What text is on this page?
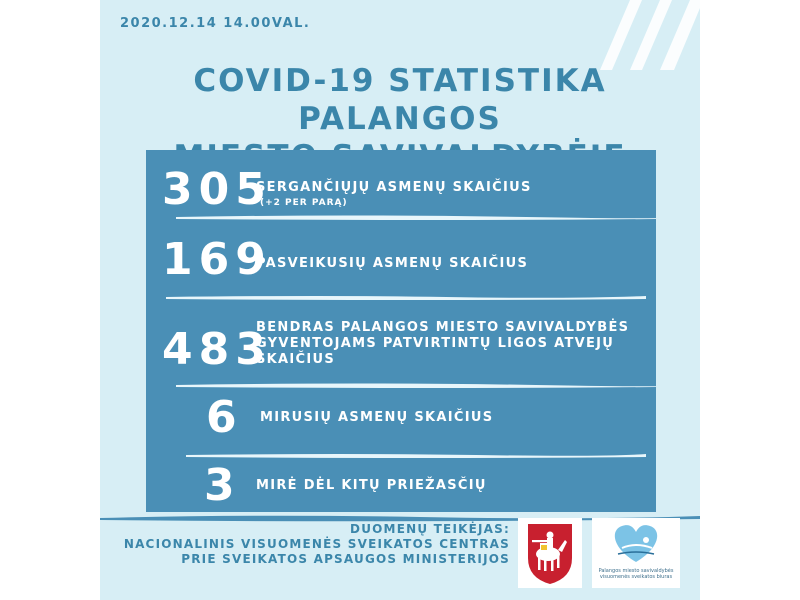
2020.12.14 14.00VAL.
COVID-19 STATISTIKA PALANGOS
305
SERGANČIŲJŲ ASMENŲ SKAIČIUS
(+2 PER PARĄ)
169
PASVEIKUSIŲ ASMENŲ SKAIČIUS
483
BENDRAS PALANGOS MIESTO SAVIVALDYBĖS
GYVENTOJAMS PATVIRTINTŲ LIGOS ATVEJŲ
SKAIČIUS
6 MIRUSIŲ ASMENŲ SKAIČIUS
3 MIRĖ DĖL KITŲ PRIEŽASČIŲ
DUOMENŲ TEIKĖJAS:
NACIONALINIS VISUOMENĖS SVEIKATOS CENTRAS
PRIE SVEIKATOS APSAUGOS MINISTERIJOS
Palangos miesto savivaldybės visuomenės sveikatos biuras
